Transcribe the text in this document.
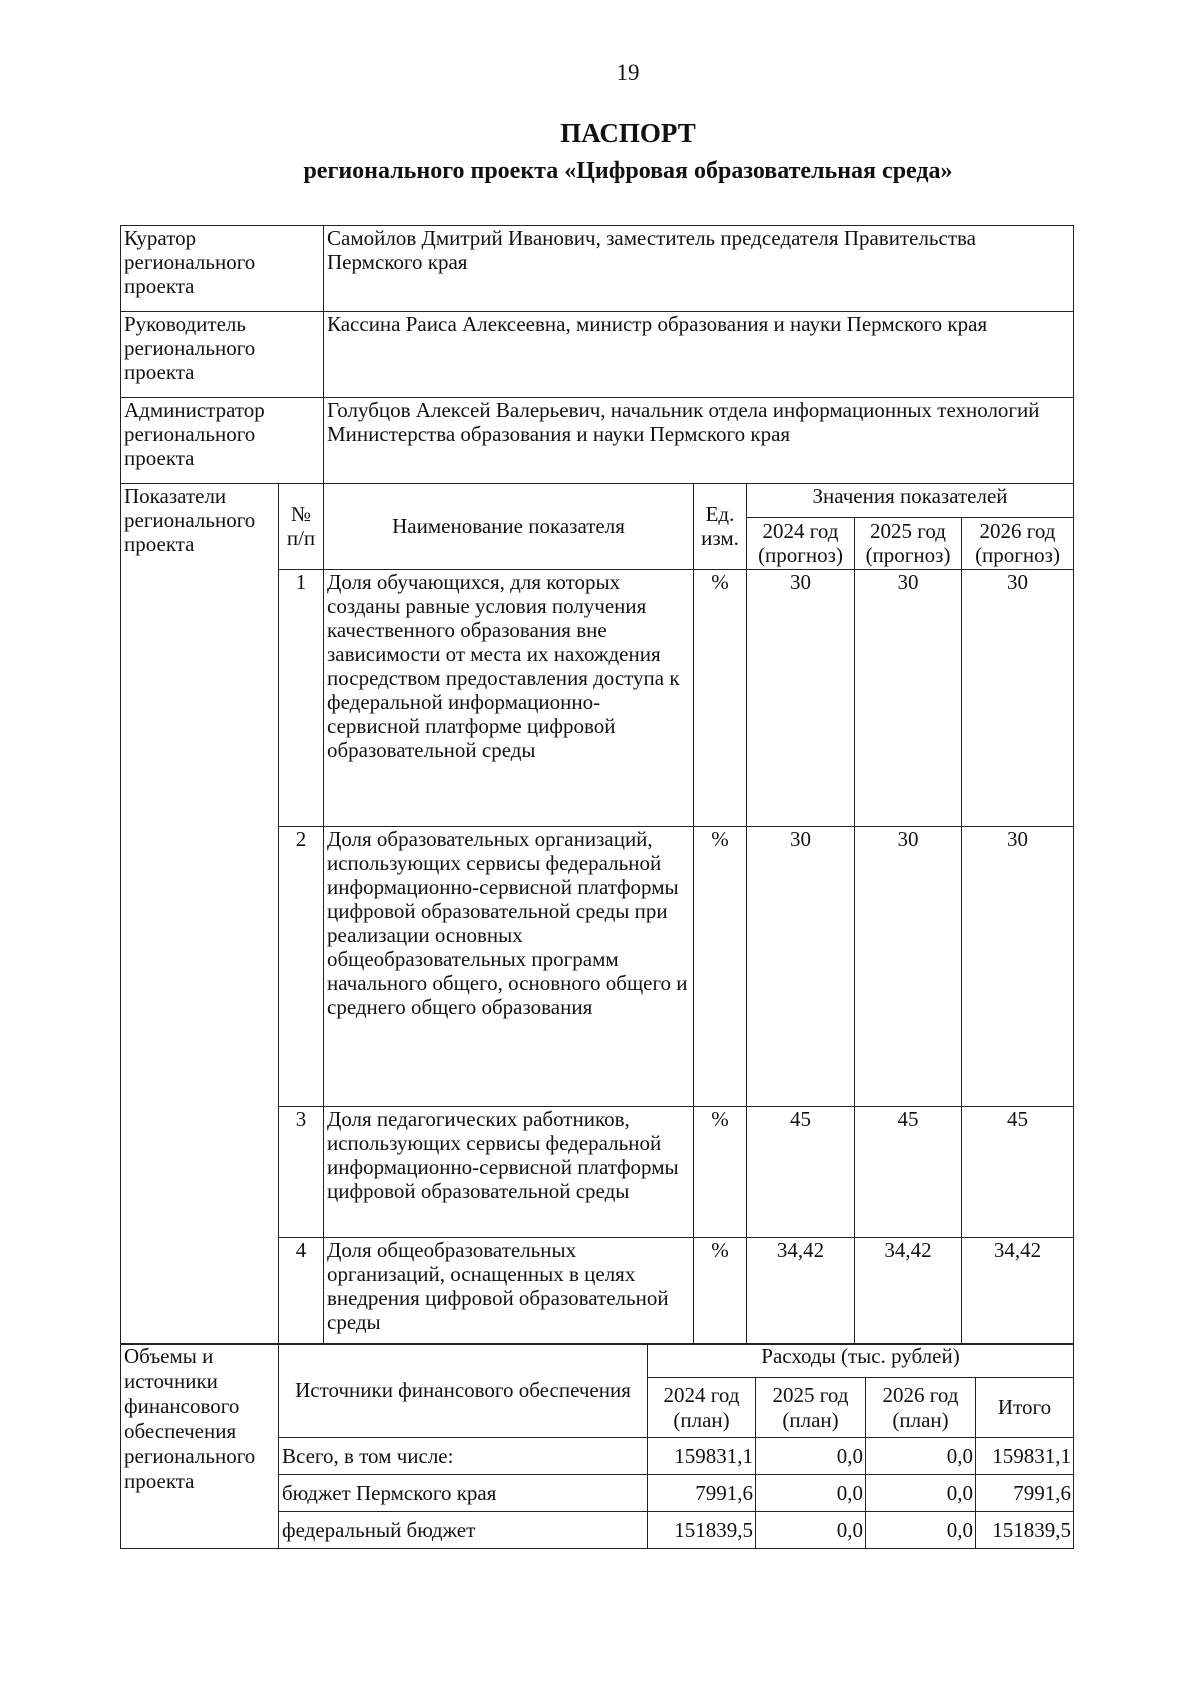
19
ПАСПОРТ
регионального проекта «Цифровая образовательная среда»
Куратор регионального проекта	Самойлов Дмитрий Иванович, заместитель председателя Правительства Пермского края
Руководитель регионального проекта	Кассина Раиса Алексеевна, министр образования и науки Пермского края
Администратор регионального проекта	Голубцов Алексей Валерьевич, начальник отдела информационных технологий Министерства образования и науки Пермского края
Показатели регионального проекта	№ п/п	Наименование показателя	Ед. изм.	Значения показателей		
				2024 год (прогноз)	2025 год (прогноз)	2026 год (прогноз)
	1	Доля обучающихся, для которых созданы равные условия получения качественного образования вне зависимости от места их нахождения посредством предоставления доступа к федеральной информационно-сервисной платформе цифровой образовательной среды	%	30	30	30
	2	Доля образовательных организаций, использующих сервисы федеральной информационно-сервисной платформы цифровой образовательной среды при реализации основных общеобразовательных программ начального общего, основного общего и среднего общего образования	%	30	30	30
	3	Доля педагогических работников, использующих сервисы федеральной информационно-сервисной платформы цифровой образовательной среды	%	45	45	45
	4	Доля общеобразовательных организаций, оснащенных в целях внедрения цифровой образовательной среды	%	34,42	34,42	34,42
Объемы и источники финансового обеспечения регионального проекта	Источники финансового обеспечения	Расходы (тыс. рублей)			
		2024 год (план)	2025 год (план)	2026 год (план)	Итого
	Всего, в том числе:	159831,1	0,0	0,0	159831,1
	бюджет Пермского края	7991,6	0,0	0,0	7991,6
	федеральный бюджет	151839,5	0,0	0,0	151839,5
